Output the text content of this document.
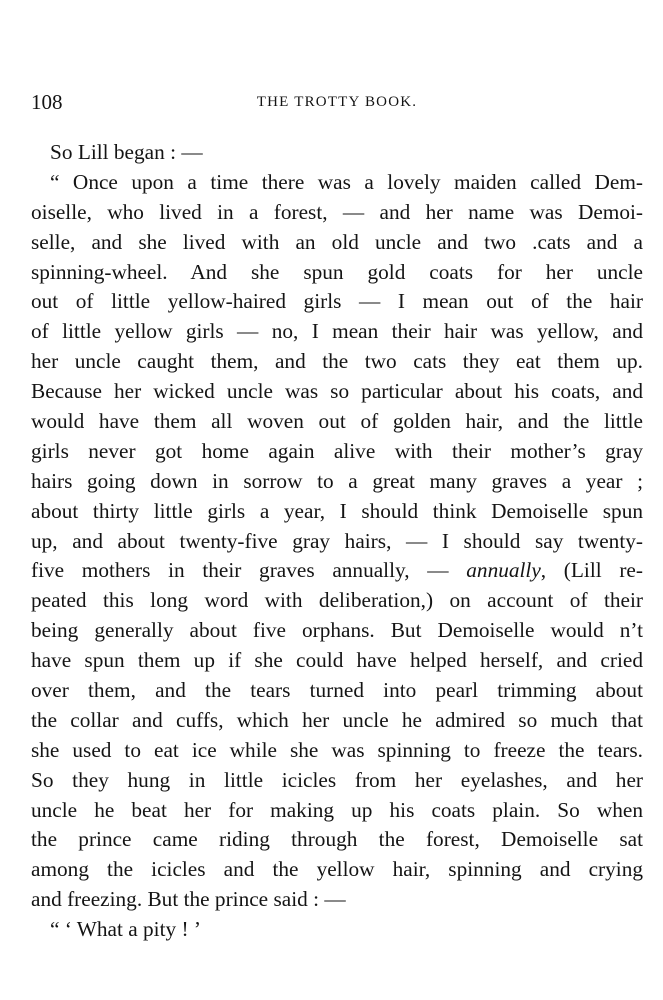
108	THE TROTTY BOOK.
So Lill began : —
“ Once upon a time there was a lovely maiden called Dem-
oiselle, who lived in a forest, — and her name was Demoi-
selle, and she lived with an old uncle and two .cats and a
spinning-wheel. And she spun gold coats for her uncle
out of little yellow-haired girls — I mean out of the hair
of little yellow girls — no, I mean their hair was yellow, and
her uncle caught them, and the two cats they eat them up.
Because her wicked uncle was so particular about his coats, and
would have them all woven out of golden hair, and the little
girls never got home again alive with their mother’s gray
hairs going down in sorrow to a great many graves a year ;
about thirty little girls a year, I should think Demoiselle spun
up, and about twenty-five gray hairs, — I should say twenty-
five mothers in their graves annually, — annually, (Lill re-
peated this long word with deliberation,) on account of their
being generally about five orphans. But Demoiselle would n’t
have spun them up if she could have helped herself, and cried
over them, and the tears turned into pearl trimming about
the collar and cuffs, which her uncle he admired so much that
she used to eat ice while she was spinning to freeze the tears.
So they hung in little icicles from her eyelashes, and her
uncle he beat her for making up his coats plain. So when
the prince came riding through the forest, Demoiselle sat
among the icicles and the yellow hair, spinning and crying
and freezing. But the prince said : —
“ ‘ What a pity ! ’
